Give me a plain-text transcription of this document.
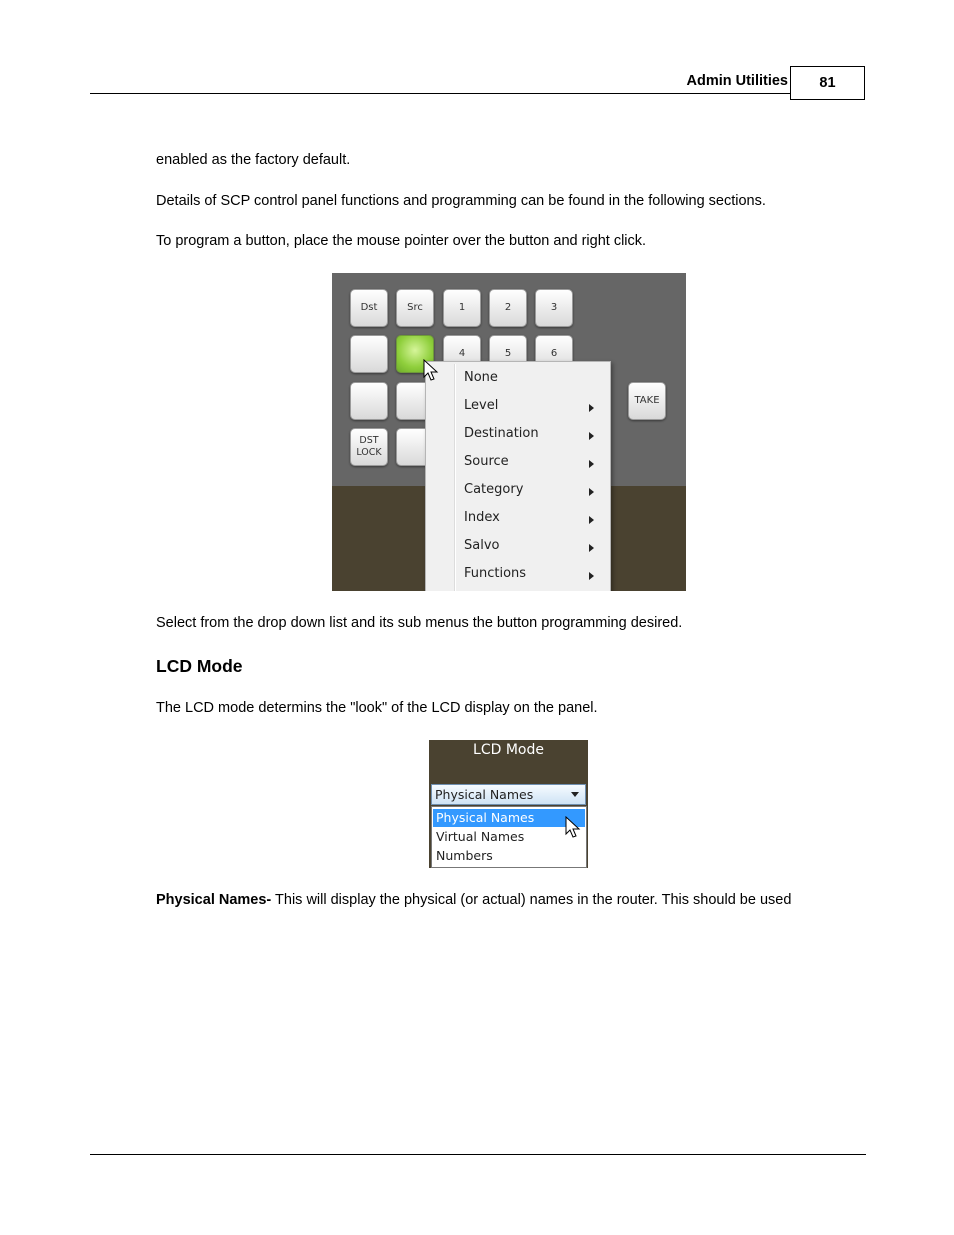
Admin Utilities	81
enabled as the factory default.
Details of SCP control panel functions and programming can be found in the following sections.
To program a button, place the mouse pointer over the button and right click.
Dst	Src	1	2	3
4	5	6
TAKE
DST
LOCK
None
Level
Destination
Source
Category
Index
Salvo
Functions
Select from the drop down list and its sub menus the button programming desired.
LCD Mode
The LCD mode determins the "look" of the LCD display on the panel.
LCD Mode
Physical Names
Physical Names
Virtual Names
Numbers
Physical Names- This will display the physical (or actual) names in the router. This should be used
